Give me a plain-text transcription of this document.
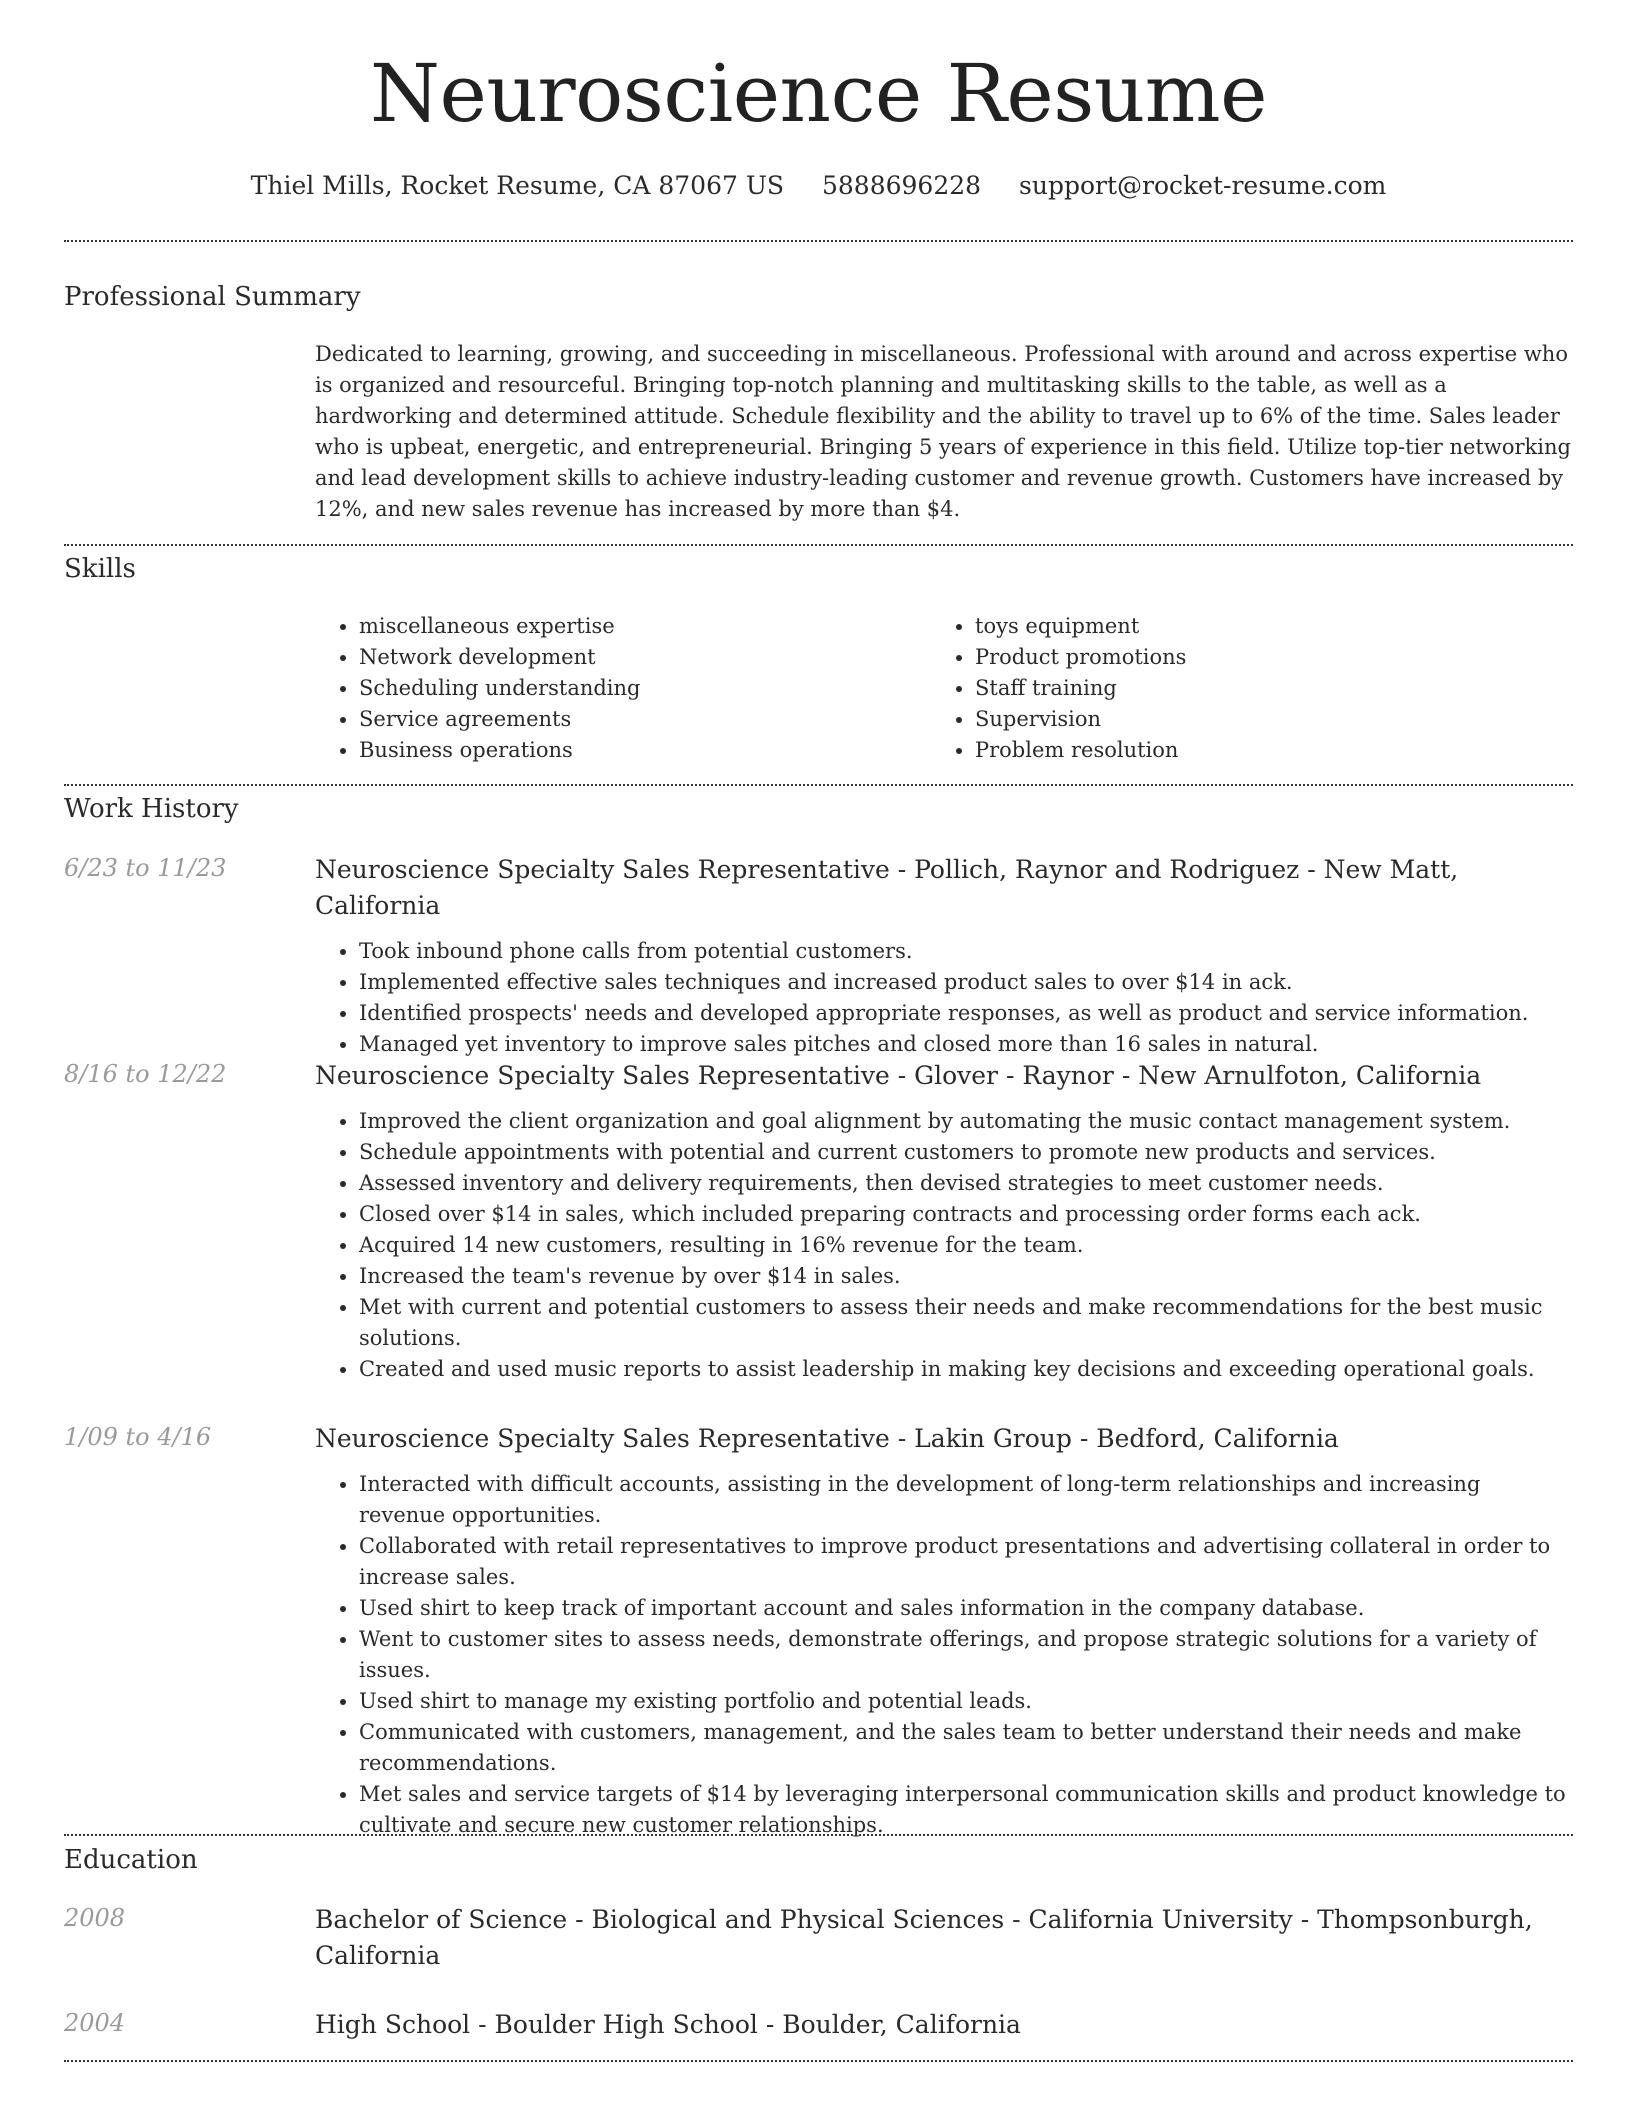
Neuroscience Resume
Thiel Mills, Rocket Resume, CA 87067 US 5888696228 support@rocket-resume.com
Professional Summary

Dedicated to learning, growing, and succeeding in miscellaneous. Professional with around and across expertise who is organized and resourceful. Bringing top-notch planning and multitasking skills to the table, as well as a hardworking and determined attitude. Schedule flexibility and the ability to travel up to 6% of the time. Sales leader who is upbeat, energetic, and entrepreneurial. Bringing 5 years of experience in this field. Utilize top-tier networking and lead development skills to achieve industry-leading customer and revenue growth. Customers have increased by 12%, and new sales revenue has increased by more than $4.

Skills
• miscellaneous expertise
• Network development
• Scheduling understanding
• Service agreements
• Business operations
• toys equipment
• Product promotions
• Staff training
• Supervision
• Problem resolution
Work History
6/23 to 11/23	Neuroscience Specialty Sales Representative - Pollich, Raynor and Rodriguez - New Matt, California

• Took inbound phone calls from potential customers.
• Implemented effective sales techniques and increased product sales to over $14 in ack.
• Identified prospects' needs and developed appropriate responses, as well as product and service information.
• Managed yet inventory to improve sales pitches and closed more than 16 sales in natural.
8/16 to 12/22	Neuroscience Specialty Sales Representative - Glover - Raynor - New Arnulfoton, California

• Improved the client organization and goal alignment by automating the music contact management system.
• Schedule appointments with potential and current customers to promote new products and services.
• Assessed inventory and delivery requirements, then devised strategies to meet customer needs.
• Closed over $14 in sales, which included preparing contracts and processing order forms each ack.
• Acquired 14 new customers, resulting in 16% revenue for the team.
• Increased the team's revenue by over $14 in sales.
• Met with current and potential customers to assess their needs and make recommendations for the best music solutions.
• Created and used music reports to assist leadership in making key decisions and exceeding operational goals.
1/09 to 4/16	Neuroscience Specialty Sales Representative - Lakin Group - Bedford, California

• Interacted with difficult accounts, assisting in the development of long-term relationships and increasing revenue opportunities.
• Collaborated with retail representatives to improve product presentations and advertising collateral in order to increase sales.
• Used shirt to keep track of important account and sales information in the company database.
• Went to customer sites to assess needs, demonstrate offerings, and propose strategic solutions for a variety of issues.
• Used shirt to manage my existing portfolio and potential leads.
• Communicated with customers, management, and the sales team to better understand their needs and make recommendations.
• Met sales and service targets of $14 by leveraging interpersonal communication skills and product knowledge to cultivate and secure new customer relationships.
Education
2008	Bachelor of Science - Biological and Physical Sciences - California University - Thompsonburgh, California

2004	High School - Boulder High School - Boulder, California
